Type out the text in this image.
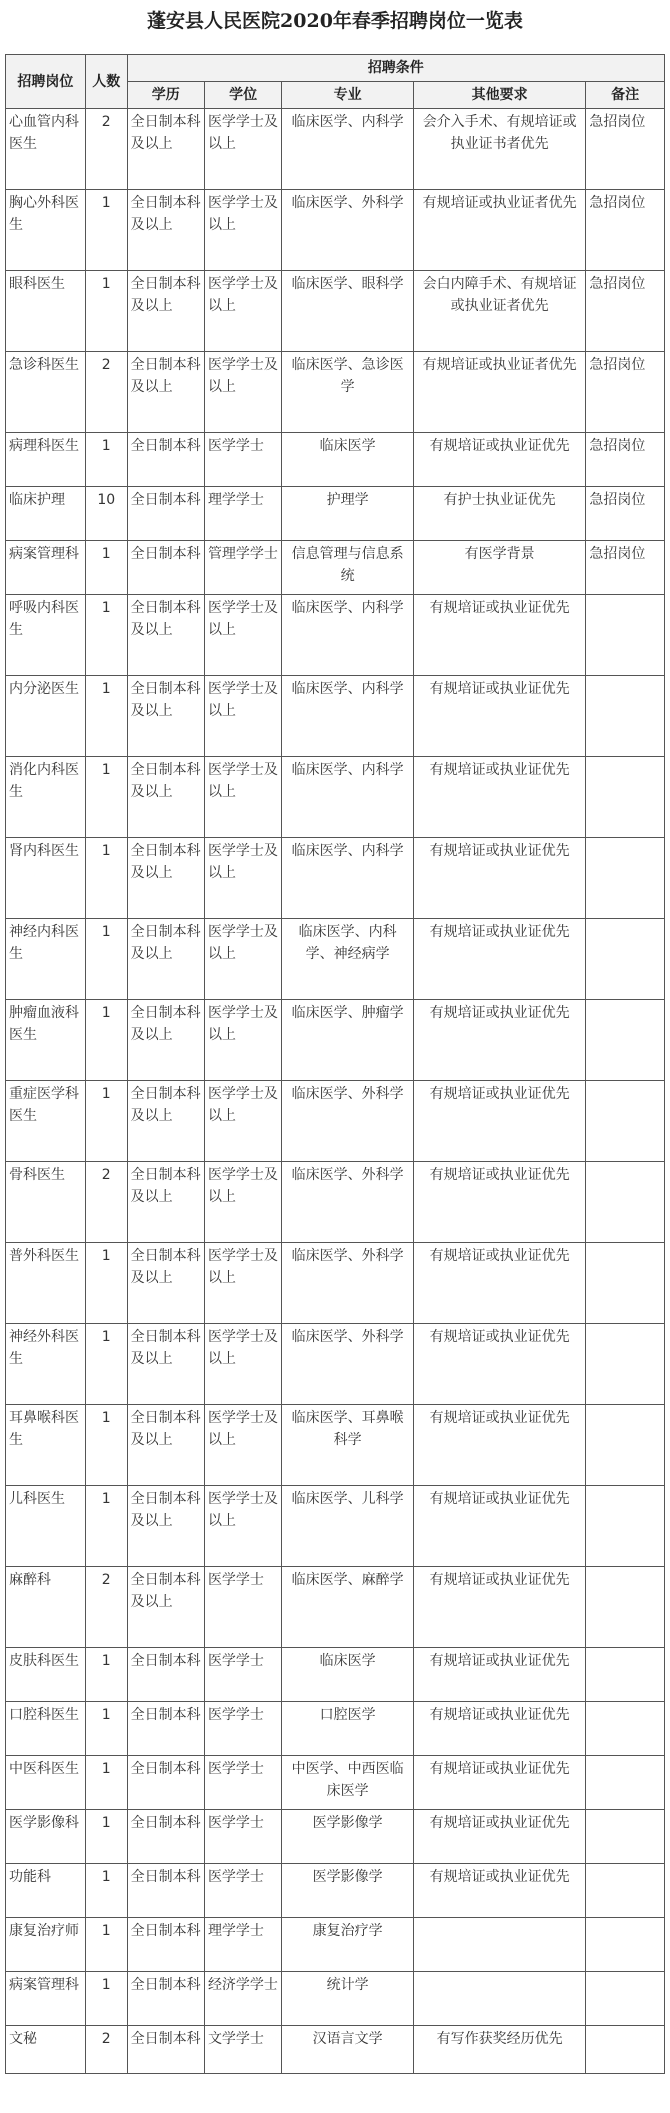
蓬安县人民医院2020年春季招聘岗位一览表
招聘岗位	人数	招聘条件				
		学历	学位	专业	其他要求	备注
心血管内科医生	2	全日制本科及以上	医学学士及以上	临床医学、内科学	会介入手术、有规培证或执业证书者优先	急招岗位
胸心外科医生	1	全日制本科及以上	医学学士及以上	临床医学、外科学	有规培证或执业证者优先	急招岗位
眼科医生	1	全日制本科及以上	医学学士及以上	临床医学、眼科学	会白内障手术、有规培证或执业证者优先	急招岗位
急诊科医生	2	全日制本科及以上	医学学士及以上	临床医学、急诊医学	有规培证或执业证者优先	急招岗位
病理科医生	1	全日制本科	医学学士	临床医学	有规培证或执业证优先	急招岗位
临床护理	10	全日制本科	理学学士	护理学	有护士执业证优先	急招岗位
病案管理科	1	全日制本科	管理学学士	信息管理与信息系统	有医学背景	急招岗位
呼吸内科医生	1	全日制本科及以上	医学学士及以上	临床医学、内科学	有规培证或执业证优先	
内分泌医生	1	全日制本科及以上	医学学士及以上	临床医学、内科学	有规培证或执业证优先	
消化内科医生	1	全日制本科及以上	医学学士及以上	临床医学、内科学	有规培证或执业证优先	
肾内科医生	1	全日制本科及以上	医学学士及以上	临床医学、内科学	有规培证或执业证优先	
神经内科医生	1	全日制本科及以上	医学学士及以上	临床医学、内科学、神经病学	有规培证或执业证优先	
肿瘤血液科医生	1	全日制本科及以上	医学学士及以上	临床医学、肿瘤学	有规培证或执业证优先	
重症医学科医生	1	全日制本科及以上	医学学士及以上	临床医学、外科学	有规培证或执业证优先	
骨科医生	2	全日制本科及以上	医学学士及以上	临床医学、外科学	有规培证或执业证优先	
普外科医生	1	全日制本科及以上	医学学士及以上	临床医学、外科学	有规培证或执业证优先	
神经外科医生	1	全日制本科及以上	医学学士及以上	临床医学、外科学	有规培证或执业证优先	
耳鼻喉科医生	1	全日制本科及以上	医学学士及以上	临床医学、耳鼻喉科学	有规培证或执业证优先	
儿科医生	1	全日制本科及以上	医学学士及以上	临床医学、儿科学	有规培证或执业证优先	
麻醉科	2	全日制本科及以上	医学学士	临床医学、麻醉学	有规培证或执业证优先	
皮肤科医生	1	全日制本科	医学学士	临床医学	有规培证或执业证优先	
口腔科医生	1	全日制本科	医学学士	口腔医学	有规培证或执业证优先	
中医科医生	1	全日制本科	医学学士	中医学、中西医临床医学	有规培证或执业证优先	
医学影像科	1	全日制本科	医学学士	医学影像学	有规培证或执业证优先	
功能科	1	全日制本科	医学学士	医学影像学	有规培证或执业证优先	
康复治疗师	1	全日制本科	理学学士	康复治疗学		
病案管理科	1	全日制本科	经济学学士	统计学		
文秘	2	全日制本科	文学学士	汉语言文学	有写作获奖经历优先	
